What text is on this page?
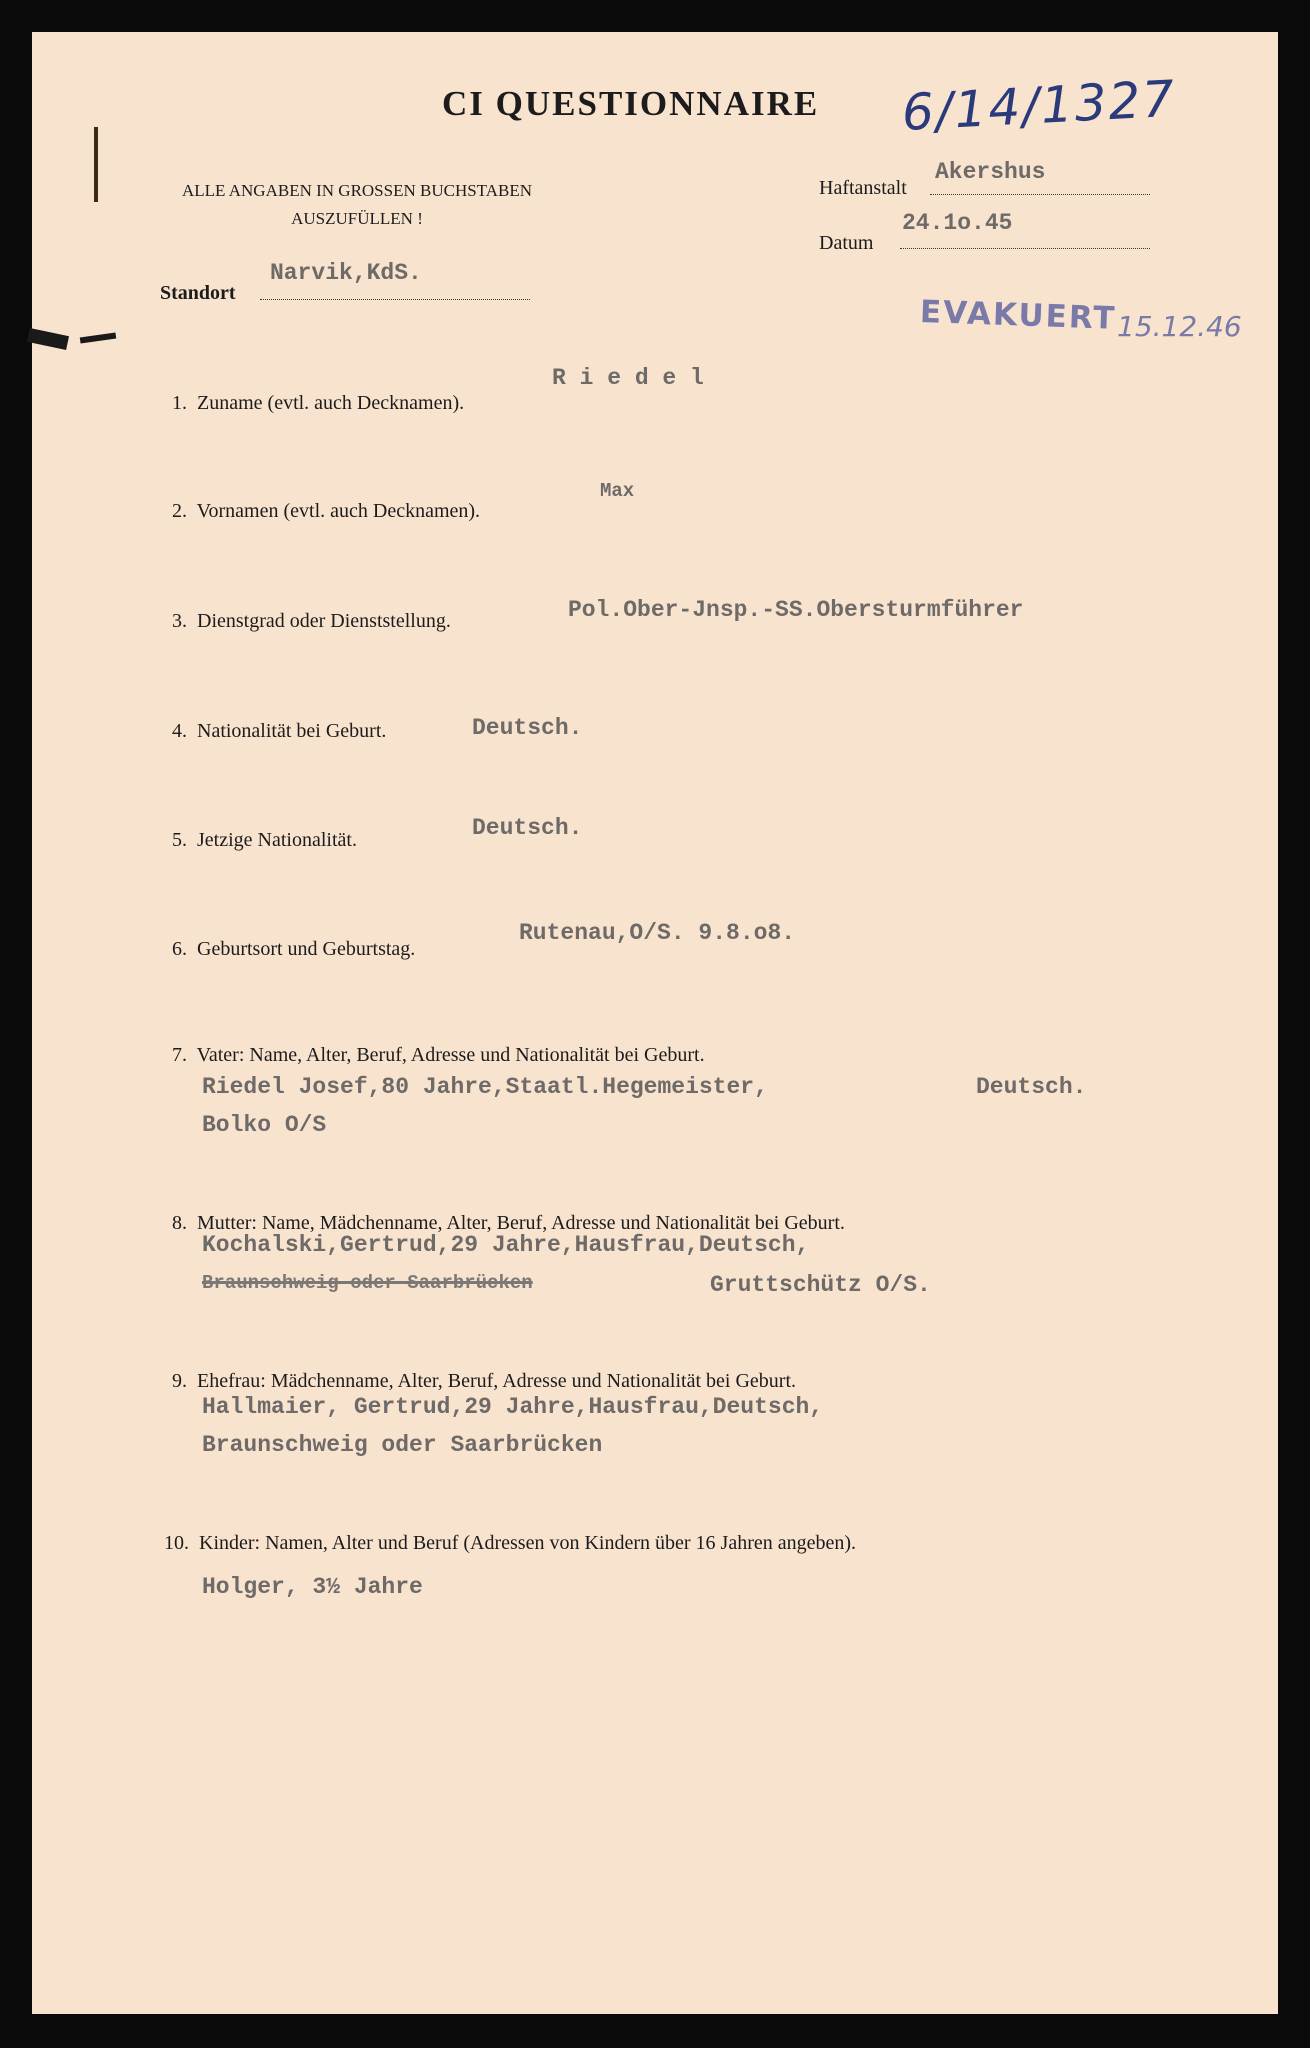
CI QUESTIONNAIRE 6/14/1327
ALLE ANGABEN IN GROSSEN BUCHSTABEN
AUSZUFÜLLEN !
Haftanstalt
Akershus
Datum
24.1o.45
Standort
Narvik,KdS.
EVAKUERT 15.12.46
1. Zuname (evtl. auch Decknamen).
R i e d e l
2. Vornamen (evtl. auch Decknamen).
Max
3. Dienstgrad oder Dienststellung.	Pol.Ober-Jnsp.-SS.Obersturmführer
4. Nationalität bei Geburt.	Deutsch.
5. Jetzige Nationalität.	Deutsch.
6. Geburtsort und Geburtstag.
Rutenau,O/S. 9.8.o8.
7. Vater: Name, Alter, Beruf, Adresse und Nationalität bei Geburt.
Riedel Josef,80 Jahre,Staatl.Hegemeister,	Deutsch.
Bolko O/S
8. Mutter: Name, Mädchenname, Alter, Beruf, Adresse und Nationalität bei Geburt.
Kochalski,Gertrud,29 Jahre,Hausfrau,Deutsch,
Braunschweig oder Saarbrücken	Gruttschütz O/S.
9. Ehefrau: Mädchenname, Alter, Beruf, Adresse und Nationalität bei Geburt.
Hallmaier, Gertrud,29 Jahre,Hausfrau,Deutsch,
Braunschweig oder Saarbrücken
10. Kinder: Namen, Alter und Beruf (Adressen von Kindern über 16 Jahren angeben).
Holger, 3½ Jahre
